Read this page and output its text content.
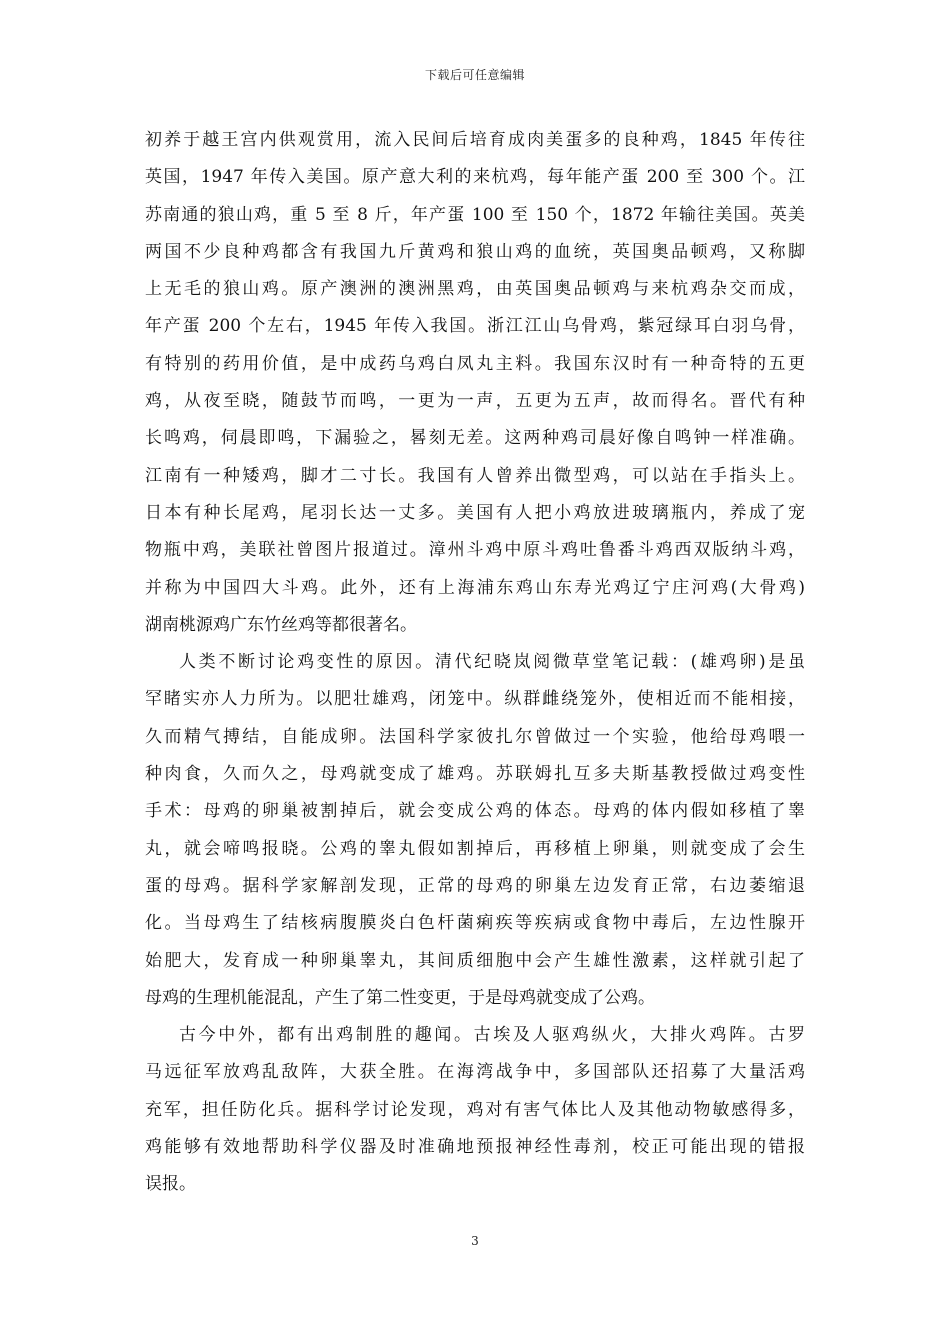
下载后可任意编辑

初养于越王宫内供观赏用，流入民间后培育成肉美蛋多的良种鸡，1845 年传往

英国，1947 年传入美国。原产意大利的来杭鸡，每年能产蛋 200 至 300 个。江

苏南通的狼山鸡，重 5 至 8 斤，年产蛋 100 至 150 个，1872 年输往美国。英美

两国不少良种鸡都含有我国九斤黄鸡和狼山鸡的血统，英国奥品顿鸡，又称脚

上无毛的狼山鸡。原产澳洲的澳洲黑鸡，由英国奥品顿鸡与来杭鸡杂交而成，

年产蛋 200 个左右，1945 年传入我国。浙江江山乌骨鸡，紫冠绿耳白羽乌骨，

有特别的药用价值，是中成药乌鸡白凤丸主料。我国东汉时有一种奇特的五更

鸡，从夜至晓，随鼓节而鸣，一更为一声，五更为五声，故而得名。晋代有种

长鸣鸡，伺晨即鸣，下漏验之，晷刻无差。这两种鸡司晨好像自鸣钟一样准确。

江南有一种矮鸡，脚才二寸长。我国有人曾养出微型鸡，可以站在手指头上。

日本有种长尾鸡，尾羽长达一丈多。美国有人把小鸡放进玻璃瓶内，养成了宠

物瓶中鸡，美联社曾图片报道过。漳州斗鸡中原斗鸡吐鲁番斗鸡西双版纳斗鸡，

并称为中国四大斗鸡。此外，还有上海浦东鸡山东寿光鸡辽宁庄河鸡(大骨鸡)

湖南桃源鸡广东竹丝鸡等都很著名。

人类不断讨论鸡变性的原因。清代纪晓岚阅微草堂笔记载：(雄鸡卵)是虽

罕睹实亦人力所为。以肥壮雄鸡，闭笼中。纵群雌绕笼外，使相近而不能相接，

久而精气搏结，自能成卵。法国科学家彼扎尔曾做过一个实验，他给母鸡喂一

种肉食，久而久之，母鸡就变成了雄鸡。苏联姆扎互多夫斯基教授做过鸡变性

手术：母鸡的卵巢被割掉后，就会变成公鸡的体态。母鸡的体内假如移植了睾

丸，就会啼鸣报晓。公鸡的睾丸假如割掉后，再移植上卵巢，则就变成了会生

蛋的母鸡。据科学家解剖发现，正常的母鸡的卵巢左边发育正常，右边萎缩退

化。当母鸡生了结核病腹膜炎白色杆菌痢疾等疾病或食物中毒后，左边性腺开

始肥大，发育成一种卵巢睾丸，其间质细胞中会产生雄性激素，这样就引起了

母鸡的生理机能混乱，产生了第二性变更，于是母鸡就变成了公鸡。

古今中外，都有出鸡制胜的趣闻。古埃及人驱鸡纵火，大排火鸡阵。古罗

马远征军放鸡乱敌阵，大获全胜。在海湾战争中，多国部队还招募了大量活鸡

充军，担任防化兵。据科学讨论发现，鸡对有害气体比人及其他动物敏感得多，

鸡能够有效地帮助科学仪器及时准确地预报神经性毒剂，校正可能出现的错报

误报。

3
